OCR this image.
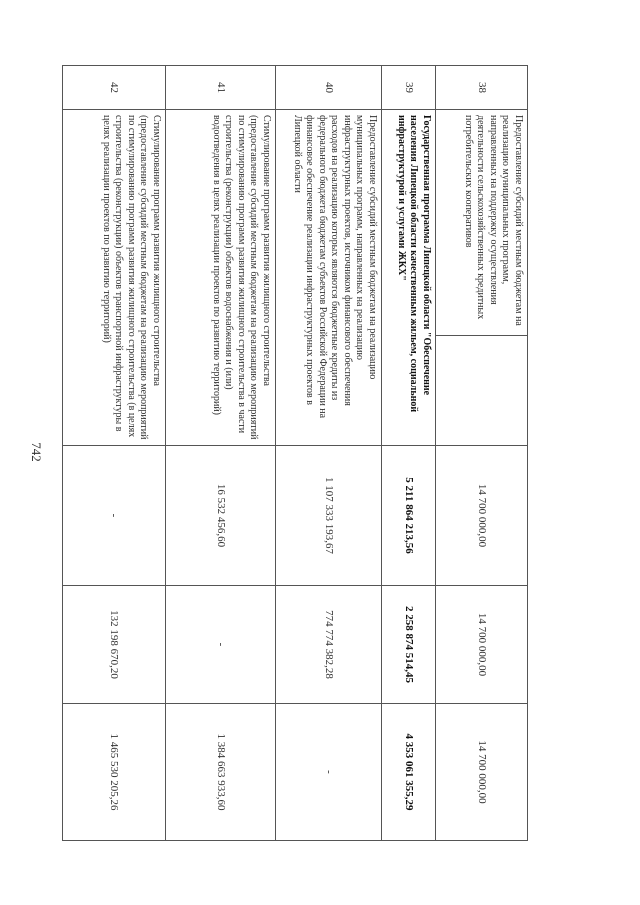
742
38	Предоставление субсидий местным бюджетам на реализацию муниципальных программ, направленных на поддержку осуществления деятельности сельскохозяйственных кредитных потребительских кооперативов		14 700 000,00	14 700 000,00	14 700 000,00
39	Государственная программа Липецкой области "Обеспечение населения Липецкой области качественным жильем, социальной инфраструктурой и услугами ЖКХ"		5 211 864 213,56	2 258 874 514,45	4 353 061 355,29
40	Предоставление субсидий местным бюджетам на реализацию муниципальных программ, направленных на реализацию инфраструктурных проектов, источником финансового обеспечения расходов на реализацию которых являются бюджетные кредиты из федерального бюджета бюджетам субъектов Российской Федерации на финансовое обеспечение реализации инфраструктурных проектов в Липецкой области		1 107 333 193,67	774 774 382,28	-
41	Стимулирование программ развития жилищного строительства (предоставление субсидий местным бюджетам на реализацию мероприятий по стимулированию программ развития жилищного строительства в части строительства (реконструкции) объектов водоснабжения и (или) водоотведения в целях реализации проектов по развитию территорий)		16 532 456,60	-	1 384 663 933,60
42	Стимулирование программ развития жилищного строительства (предоставление субсидий местным бюджетам на реализацию мероприятий по стимулированию программ развития жилищного строительства (в целях строительства (реконструкции) объектов транспортной инфраструктуры в целях реализации проектов по развитию территорий)		-	132 198 670,20	1 465 530 205,26
